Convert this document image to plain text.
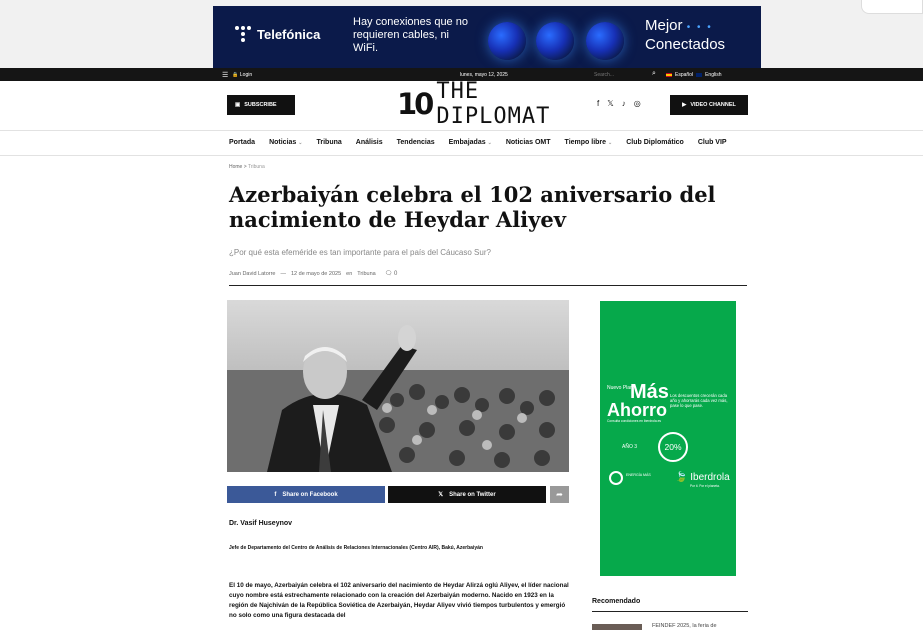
Telefónica
Hay conexiones que no requieren cables, ni WiFi.
Mejor • • •
Conectados
☰ 🔒 Login	lunes, mayo 12, 2025	Search...	⌕	Español English
▣ SUBSCRIBE	10 THE DIPLOMAT
f 𝕏 ♪ ◎	▶ VIDEO CHANNEL
Portada Noticias ⌄ Tribuna Análisis Tendencias Embajadas ⌄ Noticias OMT Tiempo libre ⌄ Club Diplomático Club VIP
Home > Tribuna
Azerbaiyán celebra el 102 aniversario del nacimiento de Heydar Aliyev
¿Por qué esta efeméride es tan importante para el país del Cáucaso Sur?
Juan David Latorre — 12 de mayo de 2025 en Tribuna 🗨 0
f Share on Facebook	𝕏 Share on Twitter	➦
Dr. Vasif Huseynov
Jefe de Departamento del Centro de Análisis de Relaciones Internacionales (Centro AIR), Bakú, Azerbaiyán

El 10 de mayo, Azerbaiyán celebra el 102 aniversario del nacimiento de Heydar Alirzá oglú Aliyev, el líder nacional cuyo nombre está estrechamente relacionado con la creación del Azerbaiyán moderno. Nacido en 1923 en la región de Najchiván de la República Soviética de Azerbaiyán, Heydar Aliyev vivió tiempos turbulentos y emergió no solo como una figura destacada del

Nuevo Plan
Más
Ahorro
Los descuentos crecerán cada año y ahorrarás cada vez más, pase lo que pase.
Consulta condiciones en iberdrola.es
AÑO 3	20%
ENERGÍA MÁS 🍃 Iberdrola
Por ti. Por el planeta.
Recomendado
FEINDEF 2025, la feria de
